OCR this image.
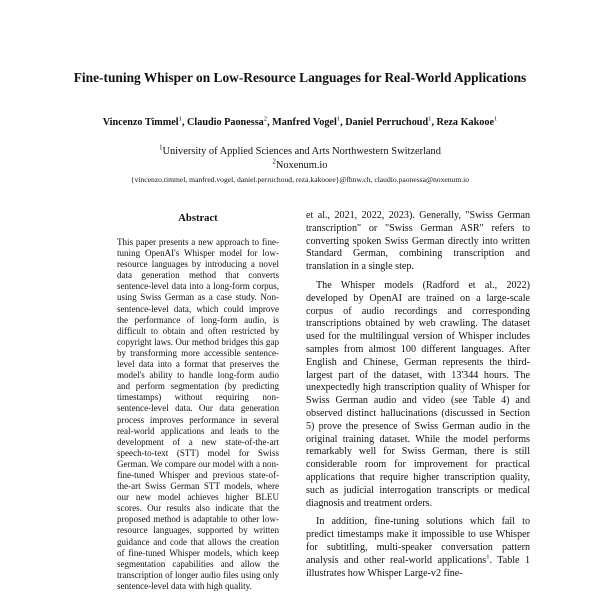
Fine-tuning Whisper on Low-Resource Languages for Real-World Applications
Vincenzo Timmel$^1$, Claudio Paonessa$^2$, Manfred Vogel$^1$, Daniel Perruchoud$^1$, Reza Kakooe$^1$
$^1$University of Applied Sciences and Arts Northwestern Switzerland
$^2$Noxenum.io
{vincenzo.timmel, manfred.vogel, daniel.perruchoud, reza.kakooee}@fhnw.ch, claudio.paonessa@noxenum.io
Abstract
This paper presents a new approach to fine-tuning OpenAI's Whisper model for low-resource languages by introducing a novel data generation method that converts sentence-level data into a long-form corpus, using Swiss German as a case study. Non-sentence-level data, which could improve the performance of long-form audio, is difficult to obtain and often restricted by copyright laws. Our method bridges this gap by transforming more accessible sentence-level data into a format that preserves the model's ability to handle long-form audio and perform segmentation (by predicting timestamps) without requiring non-sentence-level data. Our data generation process improves performance in several real-world applications and leads to the development of a new state-of-the-art speech-to-text (STT) model for Swiss German. We compare our model with a non-fine-tuned Whisper and previous state-of-the-art Swiss German STT models, where our new model achieves higher BLEU scores. Our results also indicate that the proposed method is adaptable to other low-resource languages, supported by written guidance and code that allows the creation of fine-tuned Whisper models, which keep segmentation capabilities and allow the transcription of longer audio files using only sentence-level data with high quality.

et al., 2021, 2022, 2023). Generally, "Swiss German transcription" or "Swiss German ASR" refers to converting spoken Swiss German directly into written Standard German, combining transcription and translation in a single step.

The Whisper models (Radford et al., 2022) developed by OpenAI are trained on a large-scale corpus of audio recordings and corresponding transcriptions obtained by web crawling. The dataset used for the multilingual version of Whisper includes samples from almost 100 different languages. After English and Chinese, German represents the third-largest part of the dataset, with 13'344 hours. The unexpectedly high transcription quality of Whisper for Swiss German audio and video (see Table 4) and observed distinct hallucinations (discussed in Section 5) prove the presence of Swiss German audio in the original training dataset. While the model performs remarkably well for Swiss German, there is still considerable room for improvement for practical applications that require higher transcription quality, such as judicial interrogation transcripts or medical diagnosis and treatment orders.

In addition, fine-tuning solutions which fail to predict timestamps make it impossible to use Whisper for subtitling, multi-speaker conversation pattern analysis and other real-world applications$^1$. Table 1 illustrates how Whisper Large-v2 fine-
